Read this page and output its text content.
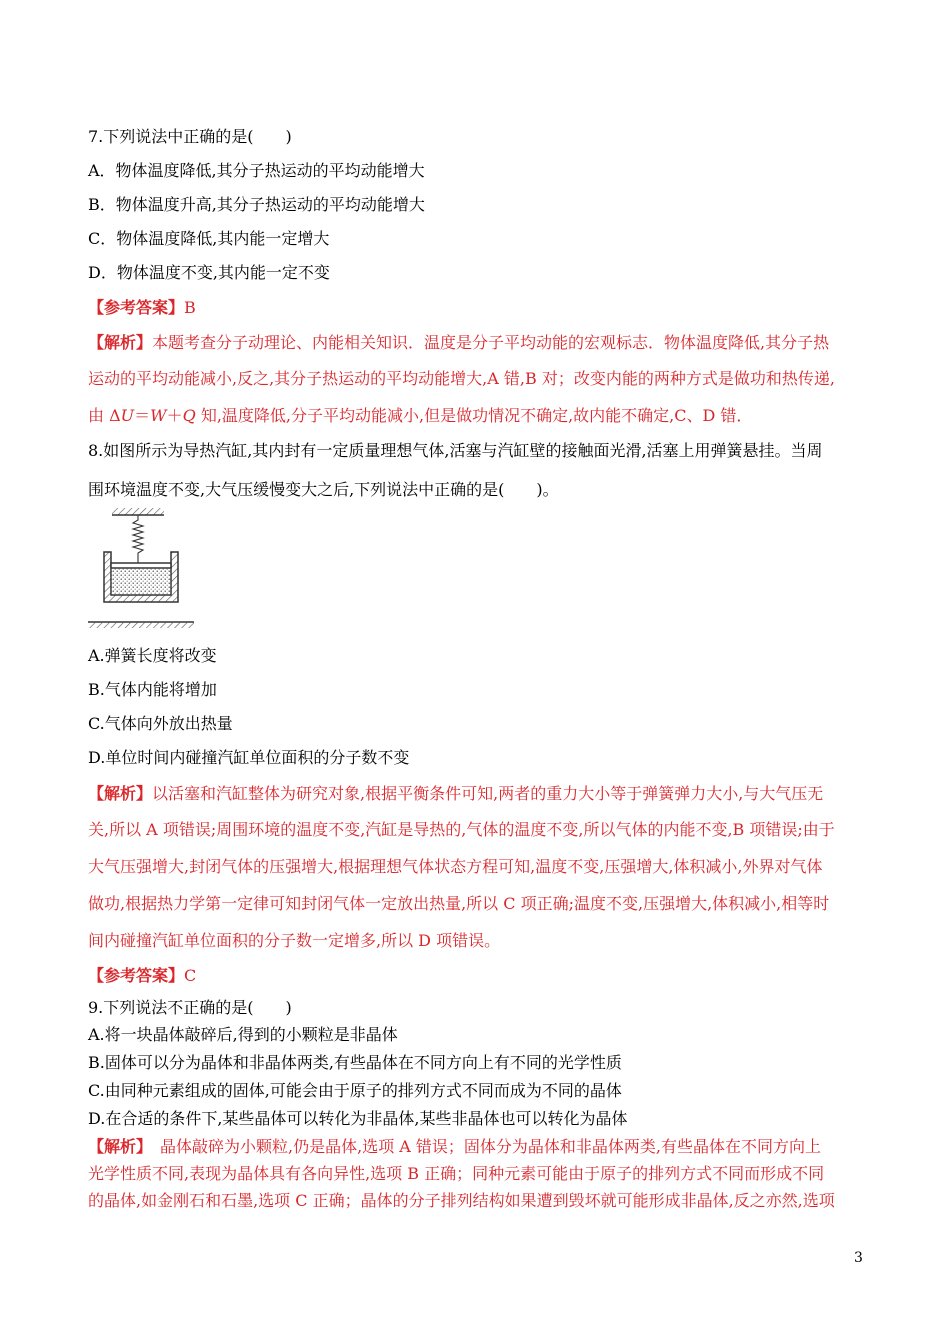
7.下列说法中正确的是(　　)
A．物体温度降低,其分子热运动的平均动能增大
B．物体温度升高,其分子热运动的平均动能增大
C．物体温度降低,其内能一定增大
D．物体温度不变,其内能一定不变
【参考答案】B
【解析】本题考查分子动理论、内能相关知识．温度是分子平均动能的宏观标志．物体温度降低,其分子热
运动的平均动能减小,反之,其分子热运动的平均动能增大,A 错,B 对；改变内能的两种方式是做功和热传递,
由 ΔU＝W＋Q 知,温度降低,分子平均动能减小,但是做功情况不确定,故内能不确定,C、D 错．
8.如图所示为导热汽缸,其内封有一定质量理想气体,活塞与汽缸壁的接触面光滑,活塞上用弹簧悬挂。当周
围环境温度不变,大气压缓慢变大之后,下列说法中正确的是(　　)。
A.弹簧长度将改变
B.气体内能将增加
C.气体向外放出热量
D.单位时间内碰撞汽缸单位面积的分子数不变
【解析】以活塞和汽缸整体为研究对象,根据平衡条件可知,两者的重力大小等于弹簧弹力大小,与大气压无
关,所以 A 项错误;周围环境的温度不变,汽缸是导热的,气体的温度不变,所以气体的内能不变,B 项错误;由于
大气压强增大,封闭气体的压强增大,根据理想气体状态方程可知,温度不变,压强增大,体积减小,外界对气体
做功,根据热力学第一定律可知封闭气体一定放出热量,所以 C 项正确;温度不变,压强增大,体积减小,相等时
间内碰撞汽缸单位面积的分子数一定增多,所以 D 项错误。
【参考答案】C
9.下列说法不正确的是(　　)
A.将一块晶体敲碎后,得到的小颗粒是非晶体
B.固体可以分为晶体和非晶体两类,有些晶体在不同方向上有不同的光学性质
C.由同种元素组成的固体,可能会由于原子的排列方式不同而成为不同的晶体
D.在合适的条件下,某些晶体可以转化为非晶体,某些非晶体也可以转化为晶体
【解析】　晶体敲碎为小颗粒,仍是晶体,选项 A 错误；固体分为晶体和非晶体两类,有些晶体在不同方向上
光学性质不同,表现为晶体具有各向异性,选项 B 正确；同种元素可能由于原子的排列方式不同而形成不同
的晶体,如金刚石和石墨,选项 C 正确；晶体的分子排列结构如果遭到毁坏就可能形成非晶体,反之亦然,选项
3
